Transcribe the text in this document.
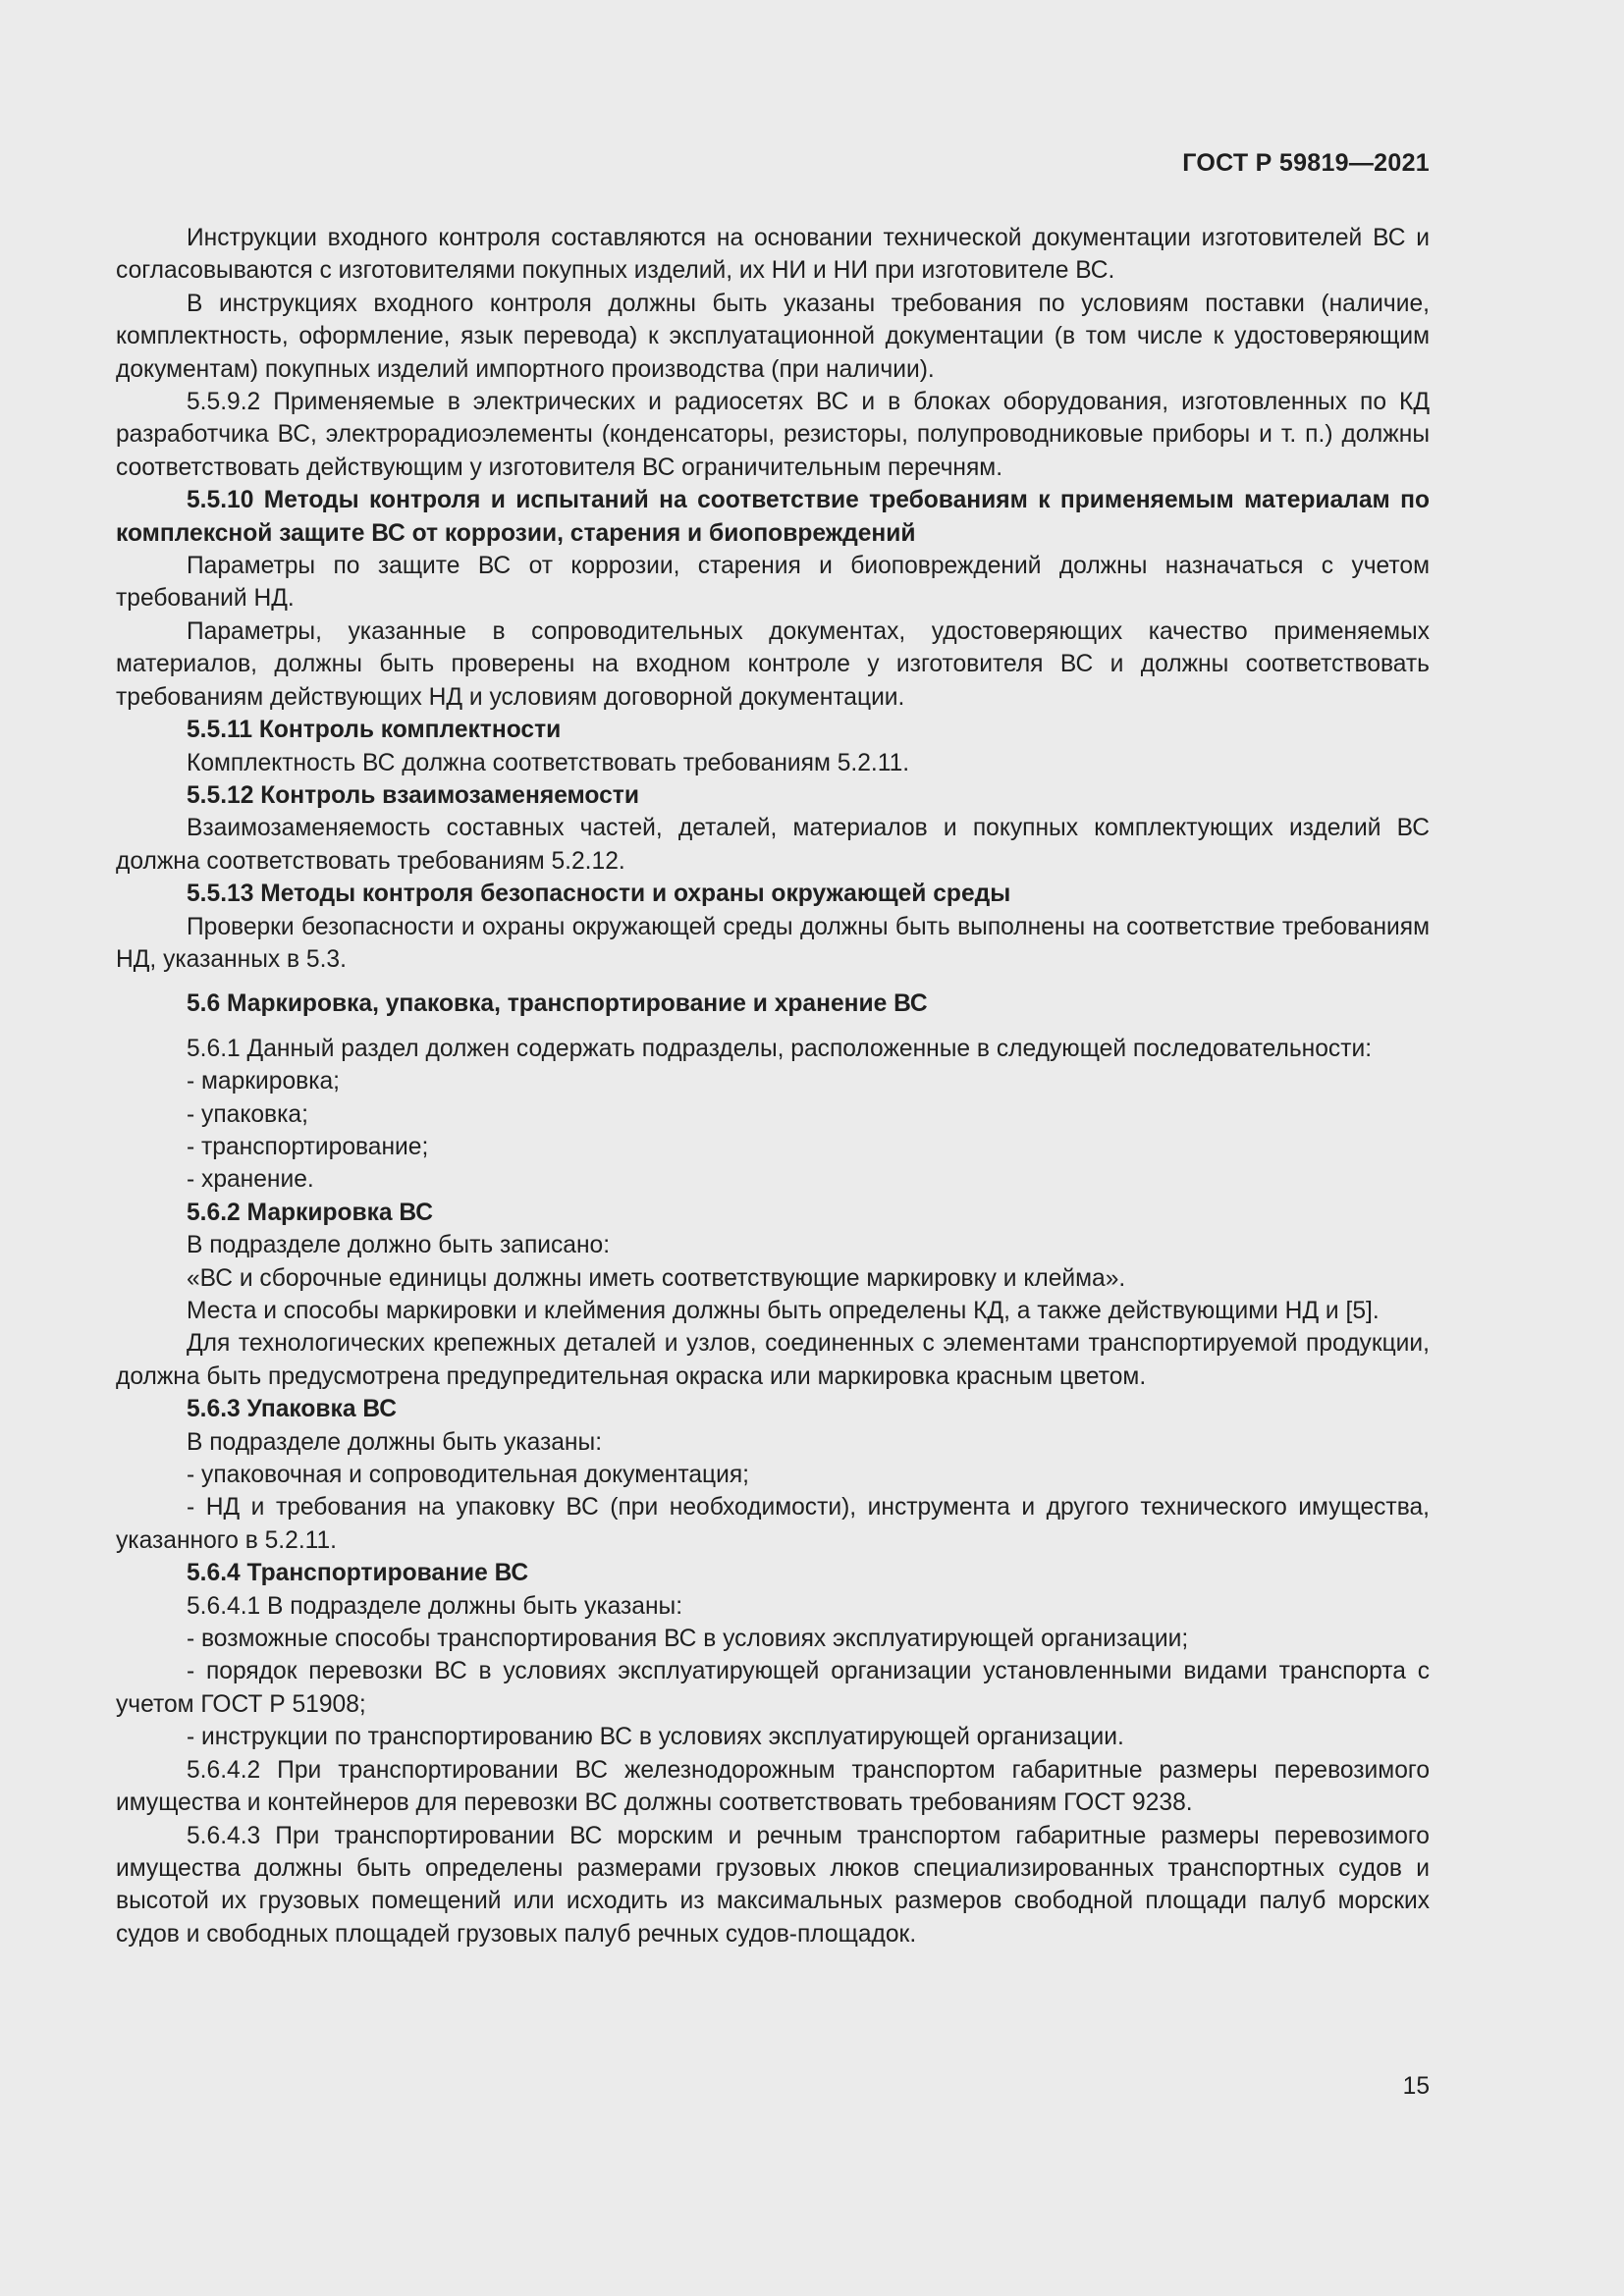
ГОСТ Р 59819—2021

Инструкции входного контроля составляются на основании технической документации изготовителей ВС и согласовываются с изготовителями покупных изделий, их НИ и НИ при изготовителе ВС.

В инструкциях входного контроля должны быть указаны требования по условиям поставки (наличие, комплектность, оформление, язык перевода) к эксплуатационной документации (в том числе к удостоверяющим документам) покупных изделий импортного производства (при наличии).

5.5.9.2 Применяемые в электрических и радиосетях ВС и в блоках оборудования, изготовленных по КД разработчика ВС, электрорадиоэлементы (конденсаторы, резисторы, полупроводниковые приборы и т. п.) должны соответствовать действующим у изготовителя ВС ограничительным перечням.

5.5.10 Методы контроля и испытаний на соответствие требованиям к применяемым материалам по комплексной защите ВС от коррозии, старения и биоповреждений

Параметры по защите ВС от коррозии, старения и биоповреждений должны назначаться с учетом требований НД.

Параметры, указанные в сопроводительных документах, удостоверяющих качество применяемых материалов, должны быть проверены на входном контроле у изготовителя ВС и должны соответствовать требованиям действующих НД и условиям договорной документации.

5.5.11 Контроль комплектности

Комплектность ВС должна соответствовать требованиям 5.2.11.

5.5.12 Контроль взаимозаменяемости

Взаимозаменяемость составных частей, деталей, материалов и покупных комплектующих изделий ВС должна соответствовать требованиям 5.2.12.

5.5.13 Методы контроля безопасности и охраны окружающей среды

Проверки безопасности и охраны окружающей среды должны быть выполнены на соответствие требованиям НД, указанных в 5.3.

5.6 Маркировка, упаковка, транспортирование и хранение ВС

5.6.1 Данный раздел должен содержать подразделы, расположенные в следующей последовательности:

- маркировка;

- упаковка;

- транспортирование;

- хранение.

5.6.2 Маркировка ВС

В подразделе должно быть записано:

«ВС и сборочные единицы должны иметь соответствующие маркировку и клейма».

Места и способы маркировки и клеймения должны быть определены КД, а также действующими НД и [5].

Для технологических крепежных деталей и узлов, соединенных с элементами транспортируемой продукции, должна быть предусмотрена предупредительная окраска или маркировка красным цветом.

5.6.3 Упаковка ВС

В подразделе должны быть указаны:

- упаковочная и сопроводительная документация;

- НД и требования на упаковку ВС (при необходимости), инструмента и другого технического имущества, указанного в 5.2.11.

5.6.4 Транспортирование ВС

5.6.4.1 В подразделе должны быть указаны:

- возможные способы транспортирования ВС в условиях эксплуатирующей организации;

- порядок перевозки ВС в условиях эксплуатирующей организации установленными видами транспорта с учетом ГОСТ Р 51908;

- инструкции по транспортированию ВС в условиях эксплуатирующей организации.

5.6.4.2 При транспортировании ВС железнодорожным транспортом габаритные размеры перевозимого имущества и контейнеров для перевозки ВС должны соответствовать требованиям ГОСТ 9238.

5.6.4.3 При транспортировании ВС морским и речным транспортом габаритные размеры перевозимого имущества должны быть определены размерами грузовых люков специализированных транспортных судов и высотой их грузовых помещений или исходить из максимальных размеров свободной площади палуб морских судов и свободных площадей грузовых палуб речных судов-площадок.

15
